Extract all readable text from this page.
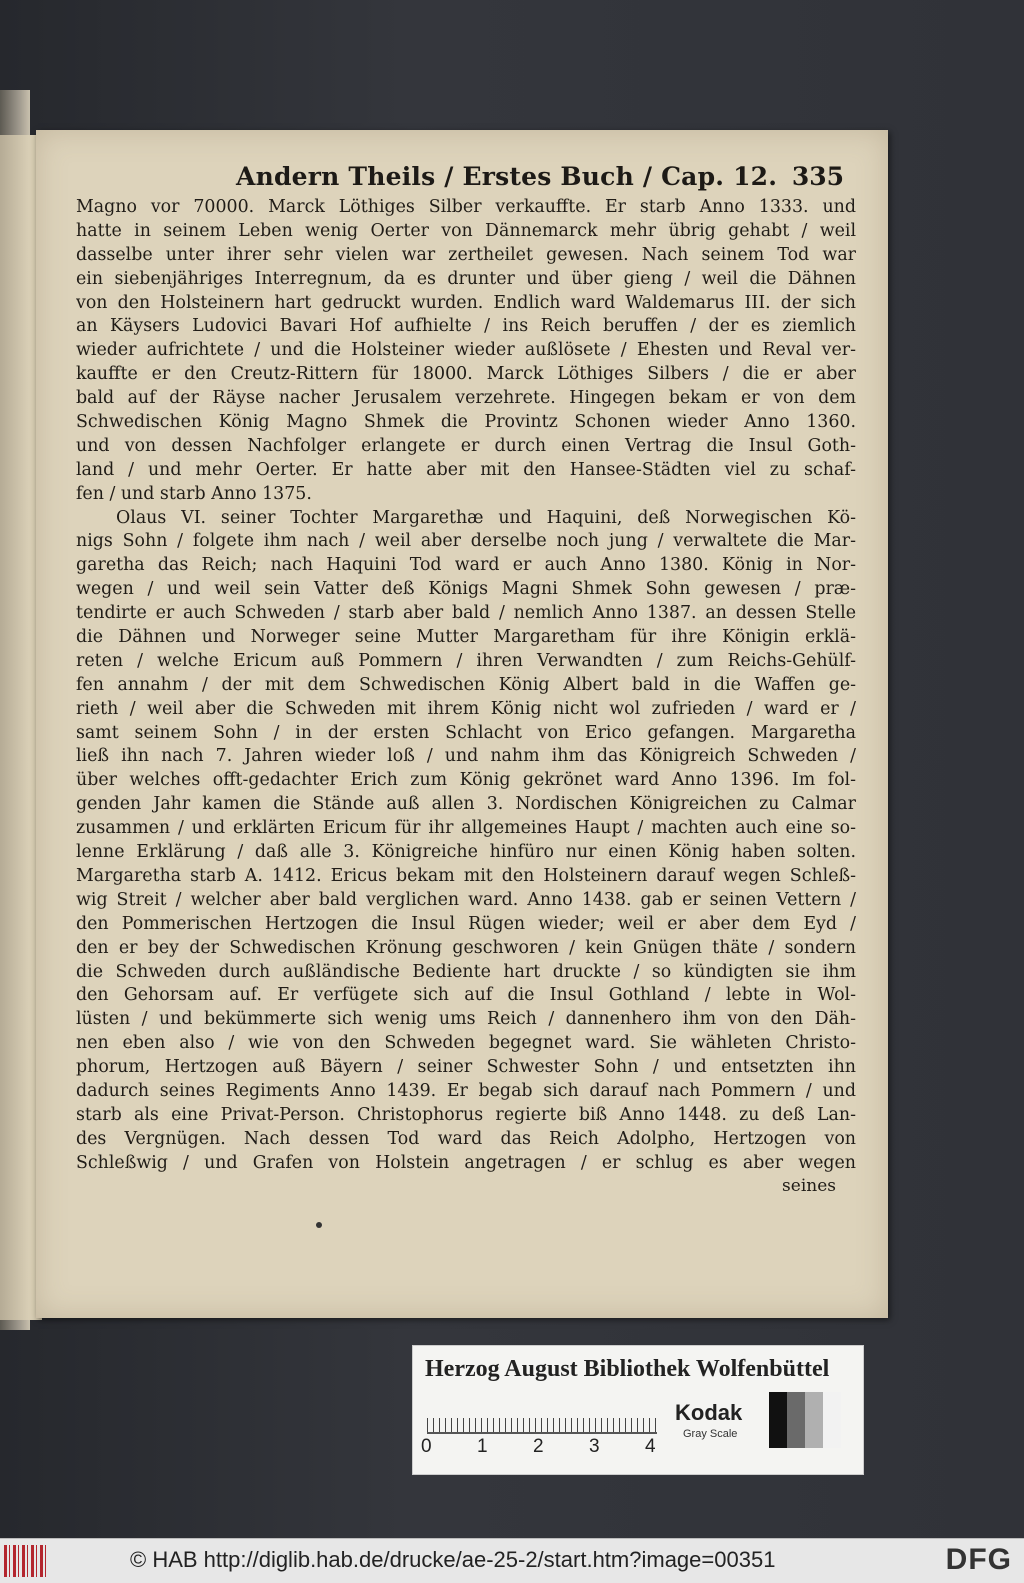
Andern Theils / Erstes Buch / Cap. 12. 335
Magno vor 70000. Marck Löthiges Silber verkauffte. Er starb Anno 1333. und
hatte in seinem Leben wenig Oerter von Dännemarck mehr übrig gehabt / weil
dasselbe unter ihrer sehr vielen war zertheilet gewesen. Nach seinem Tod war
ein siebenjähriges Interregnum, da es drunter und über gieng / weil die Dähnen
von den Holsteinern hart gedruckt wurden. Endlich ward Waldemarus III. der sich
an Käysers Ludovici Bavari Hof aufhielte / ins Reich beruffen / der es ziemlich
wieder aufrichtete / und die Holsteiner wieder außlösete / Ehesten und Reval ver-
kauffte er den Creutz-Rittern für 18000. Marck Löthiges Silbers / die er aber
bald auf der Räyse nacher Jerusalem verzehrete. Hingegen bekam er von dem
Schwedischen König Magno Shmek die Provintz Schonen wieder Anno 1360.
und von dessen Nachfolger erlangete er durch einen Vertrag die Insul Goth-
land / und mehr Oerter. Er hatte aber mit den Hansee-Städten viel zu schaf-
fen / und starb Anno 1375.
Olaus VI. seiner Tochter Margarethæ und Haquini, deß Norwegischen Kö-
nigs Sohn / folgete ihm nach / weil aber derselbe noch jung / verwaltete die Mar-
garetha das Reich; nach Haquini Tod ward er auch Anno 1380. König in Nor-
wegen / und weil sein Vatter deß Königs Magni Shmek Sohn gewesen / præ-
tendirte er auch Schweden / starb aber bald / nemlich Anno 1387. an dessen Stelle
die Dähnen und Norweger seine Mutter Margaretham für ihre Königin erklä-
reten / welche Ericum auß Pommern / ihren Verwandten / zum Reichs-Gehülf-
fen annahm / der mit dem Schwedischen König Albert bald in die Waffen ge-
rieth / weil aber die Schweden mit ihrem König nicht wol zufrieden / ward er /
samt seinem Sohn / in der ersten Schlacht von Erico gefangen. Margaretha
ließ ihn nach 7. Jahren wieder loß / und nahm ihm das Königreich Schweden /
über welches offt-gedachter Erich zum König gekrönet ward Anno 1396. Im fol-
genden Jahr kamen die Stände auß allen 3. Nordischen Königreichen zu Calmar
zusammen / und erklärten Ericum für ihr allgemeines Haupt / machten auch eine so-
lenne Erklärung / daß alle 3. Königreiche hinfüro nur einen König haben solten.
Margaretha starb A. 1412. Ericus bekam mit den Holsteinern darauf wegen Schleß-
wig Streit / welcher aber bald verglichen ward. Anno 1438. gab er seinen Vettern /
den Pommerischen Hertzogen die Insul Rügen wieder; weil er aber dem Eyd /
den er bey der Schwedischen Krönung geschworen / kein Gnügen thäte / sondern
die Schweden durch außländische Bediente hart druckte / so kündigten sie ihm
den Gehorsam auf. Er verfügete sich auf die Insul Gothland / lebte in Wol-
lüsten / und bekümmerte sich wenig ums Reich / dannenhero ihm von den Däh-
nen eben also / wie von den Schweden begegnet ward. Sie wähleten Christo-
phorum, Hertzogen auß Bäyern / seiner Schwester Sohn / und entsetzten ihn
dadurch seines Regiments Anno 1439. Er begab sich darauf nach Pommern / und
starb als eine Privat-Person. Christophorus regierte biß Anno 1448. zu deß Lan-
des Vergnügen. Nach dessen Tod ward das Reich Adolpho, Hertzogen von
Schleßwig / und Grafen von Holstein angetragen / er schlug es aber wegen
seines
Herzog August Bibliothek Wolfenbüttel
0 1 2 3 4
Kodak
Gray Scale
© HAB http://diglib.hab.de/drucke/ae-25-2/start.htm?image=00351	DFG
